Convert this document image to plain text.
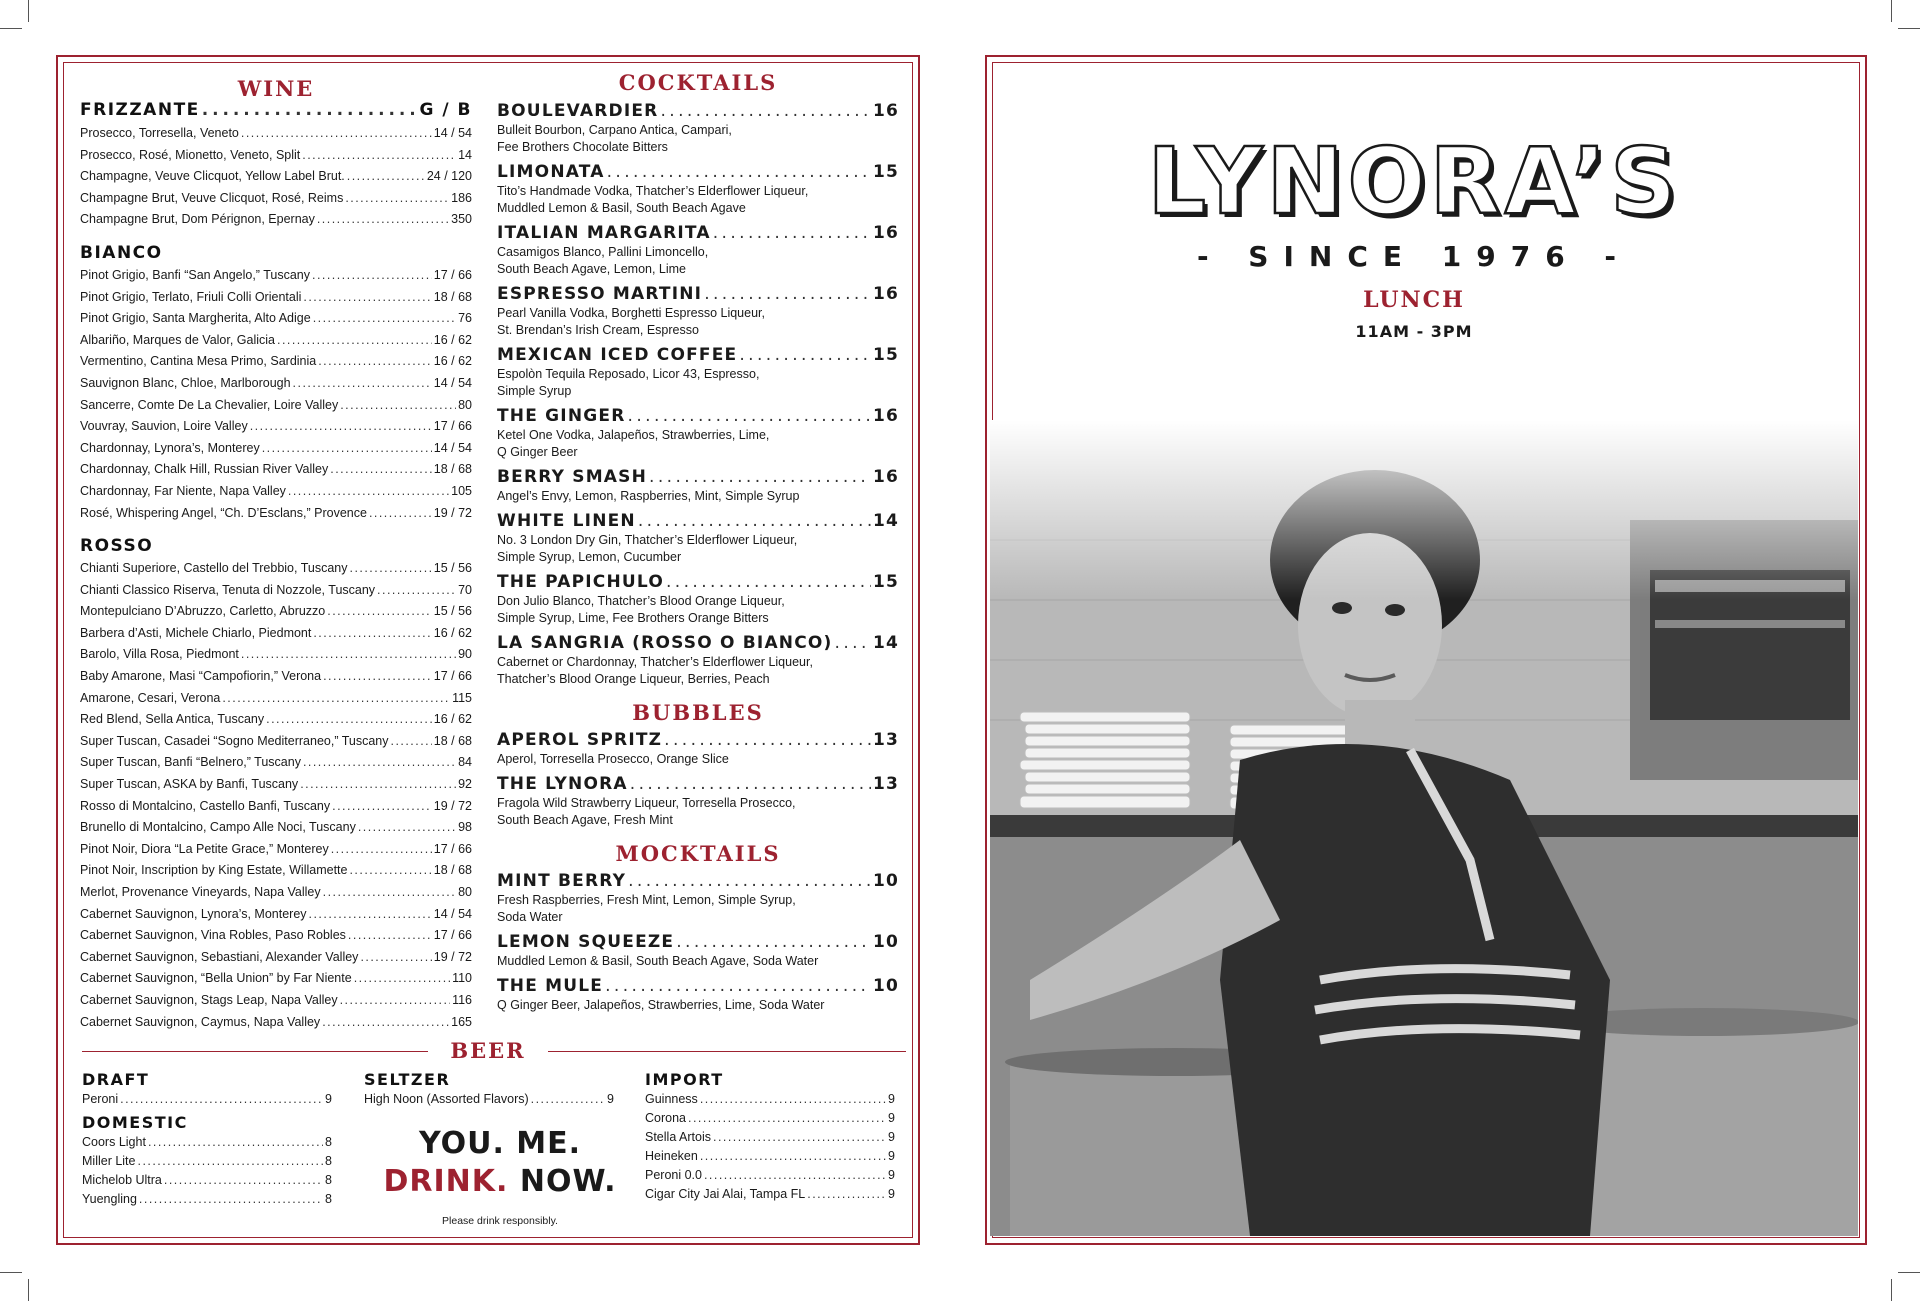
WINE
FRIZZANTE . . .	G / B
Prosecco, Torresella, Veneto . . .	14 / 54
Prosecco, Rosé, Mionetto, Veneto, Split . . .	14
Champagne, Veuve Clicquot, Yellow Label Brut. . . .	24 / 120
Champagne Brut, Veuve Clicquot, Rosé, Reims . . .	186
Champagne Brut, Dom Pérignon, Epernay . . .	350
BIANCO
Pinot Grigio, Banfi “San Angelo,” Tuscany . . .	17 / 66
Pinot Grigio, Terlato, Friuli Colli Orientali . . .	18 / 68
Pinot Grigio, Santa Margherita, Alto Adige . . .	76
Albariño, Marques de Valor, Galicia . . .	16 / 62
Vermentino, Cantina Mesa Primo, Sardinia . . .	16 / 62
Sauvignon Blanc, Chloe, Marlborough . . .	14 / 54
Sancerre, Comte De La Chevalier, Loire Valley . . .	80
Vouvray, Sauvion, Loire Valley . . .	17 / 66
Chardonnay, Lynora’s, Monterey . . .	14 / 54
Chardonnay, Chalk Hill, Russian River Valley . . .	18 / 68
Chardonnay, Far Niente, Napa Valley . . .	105
Rosé, Whispering Angel, “Ch. D’Esclans,” Provence . . .	19 / 72
ROSSO
Chianti Superiore, Castello del Trebbio, Tuscany . . .	15 / 56
Chianti Classico Riserva, Tenuta di Nozzole, Tuscany . . .	70
Montepulciano D’Abruzzo, Carletto, Abruzzo . . .	15 / 56
Barbera d’Asti, Michele Chiarlo, Piedmont . . .	16 / 62
Barolo, Villa Rosa, Piedmont . . .	90
Baby Amarone, Masi “Campofiorin,” Verona . . .	17 / 66
Amarone, Cesari, Verona . . .	115
Red Blend, Sella Antica, Tuscany . . .	16 / 62
Super Tuscan, Casadei “Sogno Mediterraneo,” Tuscany . . .	18 / 68
Super Tuscan, Banfi “Belnero,” Tuscany . . .	84
Super Tuscan, ASKA by Banfi, Tuscany . . .	92
Rosso di Montalcino, Castello Banfi, Tuscany . . .	19 / 72
Brunello di Montalcino, Campo Alle Noci, Tuscany . . .	98
Pinot Noir, Diora “La Petite Grace,” Monterey . . .	17 / 66
Pinot Noir, Inscription by King Estate, Willamette . . .	18 / 68
Merlot, Provenance Vineyards, Napa Valley . . .	80
Cabernet Sauvignon, Lynora’s, Monterey . . .	14 / 54
Cabernet Sauvignon, Vina Robles, Paso Robles . . .	17 / 66
Cabernet Sauvignon, Sebastiani, Alexander Valley . . .	19 / 72
Cabernet Sauvignon, “Bella Union” by Far Niente . . .	110
Cabernet Sauvignon, Stags Leap, Napa Valley . . .	116
Cabernet Sauvignon, Caymus, Napa Valley . . .	165
COCKTAILS
BOULEVARDIER . . .	16
Bulleit Bourbon, Carpano Antica, Campari,
Fee Brothers Chocolate Bitters
LIMONATA . . .	15
Tito’s Handmade Vodka, Thatcher’s Elderflower Liqueur,
Muddled Lemon & Basil, South Beach Agave
ITALIAN MARGARITA . . .	16
Casamigos Blanco, Pallini Limoncello,
South Beach Agave, Lemon, Lime
ESPRESSO MARTINI . . .	16
Pearl Vanilla Vodka, Borghetti Espresso Liqueur,
St. Brendan’s Irish Cream, Espresso
MEXICAN ICED COFFEE . . .	15
Espolòn Tequila Reposado, Licor 43, Espresso,
Simple Syrup
THE GINGER . . .	16
Ketel One Vodka, Jalapeños, Strawberries, Lime,
Q Ginger Beer
BERRY SMASH . . .	16
Angel’s Envy, Lemon, Raspberries, Mint, Simple Syrup
WHITE LINEN . . .	14
No. 3 London Dry Gin, Thatcher’s Elderflower Liqueur,
Simple Syrup, Lemon, Cucumber
THE PAPICHULO . . .	15
Don Julio Blanco, Thatcher’s Blood Orange Liqueur,
Simple Syrup, Lime, Fee Brothers Orange Bitters
LA SANGRIA (ROSSO O BIANCO) . . . 14
Cabernet or Chardonnay, Thatcher’s Elderflower Liqueur,
Thatcher’s Blood Orange Liqueur, Berries, Peach
BUBBLES
APEROL SPRITZ . . .	13
Aperol, Torresella Prosecco, Orange Slice
THE LYNORA . . .	13
Fragola Wild Strawberry Liqueur, Torresella Prosecco,
South Beach Agave, Fresh Mint
MOCKTAILS
MINT BERRY . . .	10
Fresh Raspberries, Fresh Mint, Lemon, Simple Syrup,
Soda Water
LEMON SQUEEZE . . .	10
Muddled Lemon & Basil, South Beach Agave, Soda Water
THE MULE . . .	10
Q Ginger Beer, Jalapeños, Strawberries, Lime, Soda Water
BEER
DRAFT
Peroni . . .	9
DOMESTIC
Coors Light . . .	8
Miller Lite . . .	8
Michelob Ultra . . .	8
Yuengling . . .	8
SELTZER
High Noon (Assorted Flavors) . . .	9
IMPORT
Guinness . . .	9
Corona . . .	9
Stella Artois . . .	9
Heineken . . .	9
Peroni 0.0 . . .	9
Cigar City Jai Alai, Tampa FL . . .	9
YOU. ME.
DRINK. NOW.
Please drink responsibly.
LYNORA’S
- SINCE 1976 -
LUNCH
11AM - 3PM
